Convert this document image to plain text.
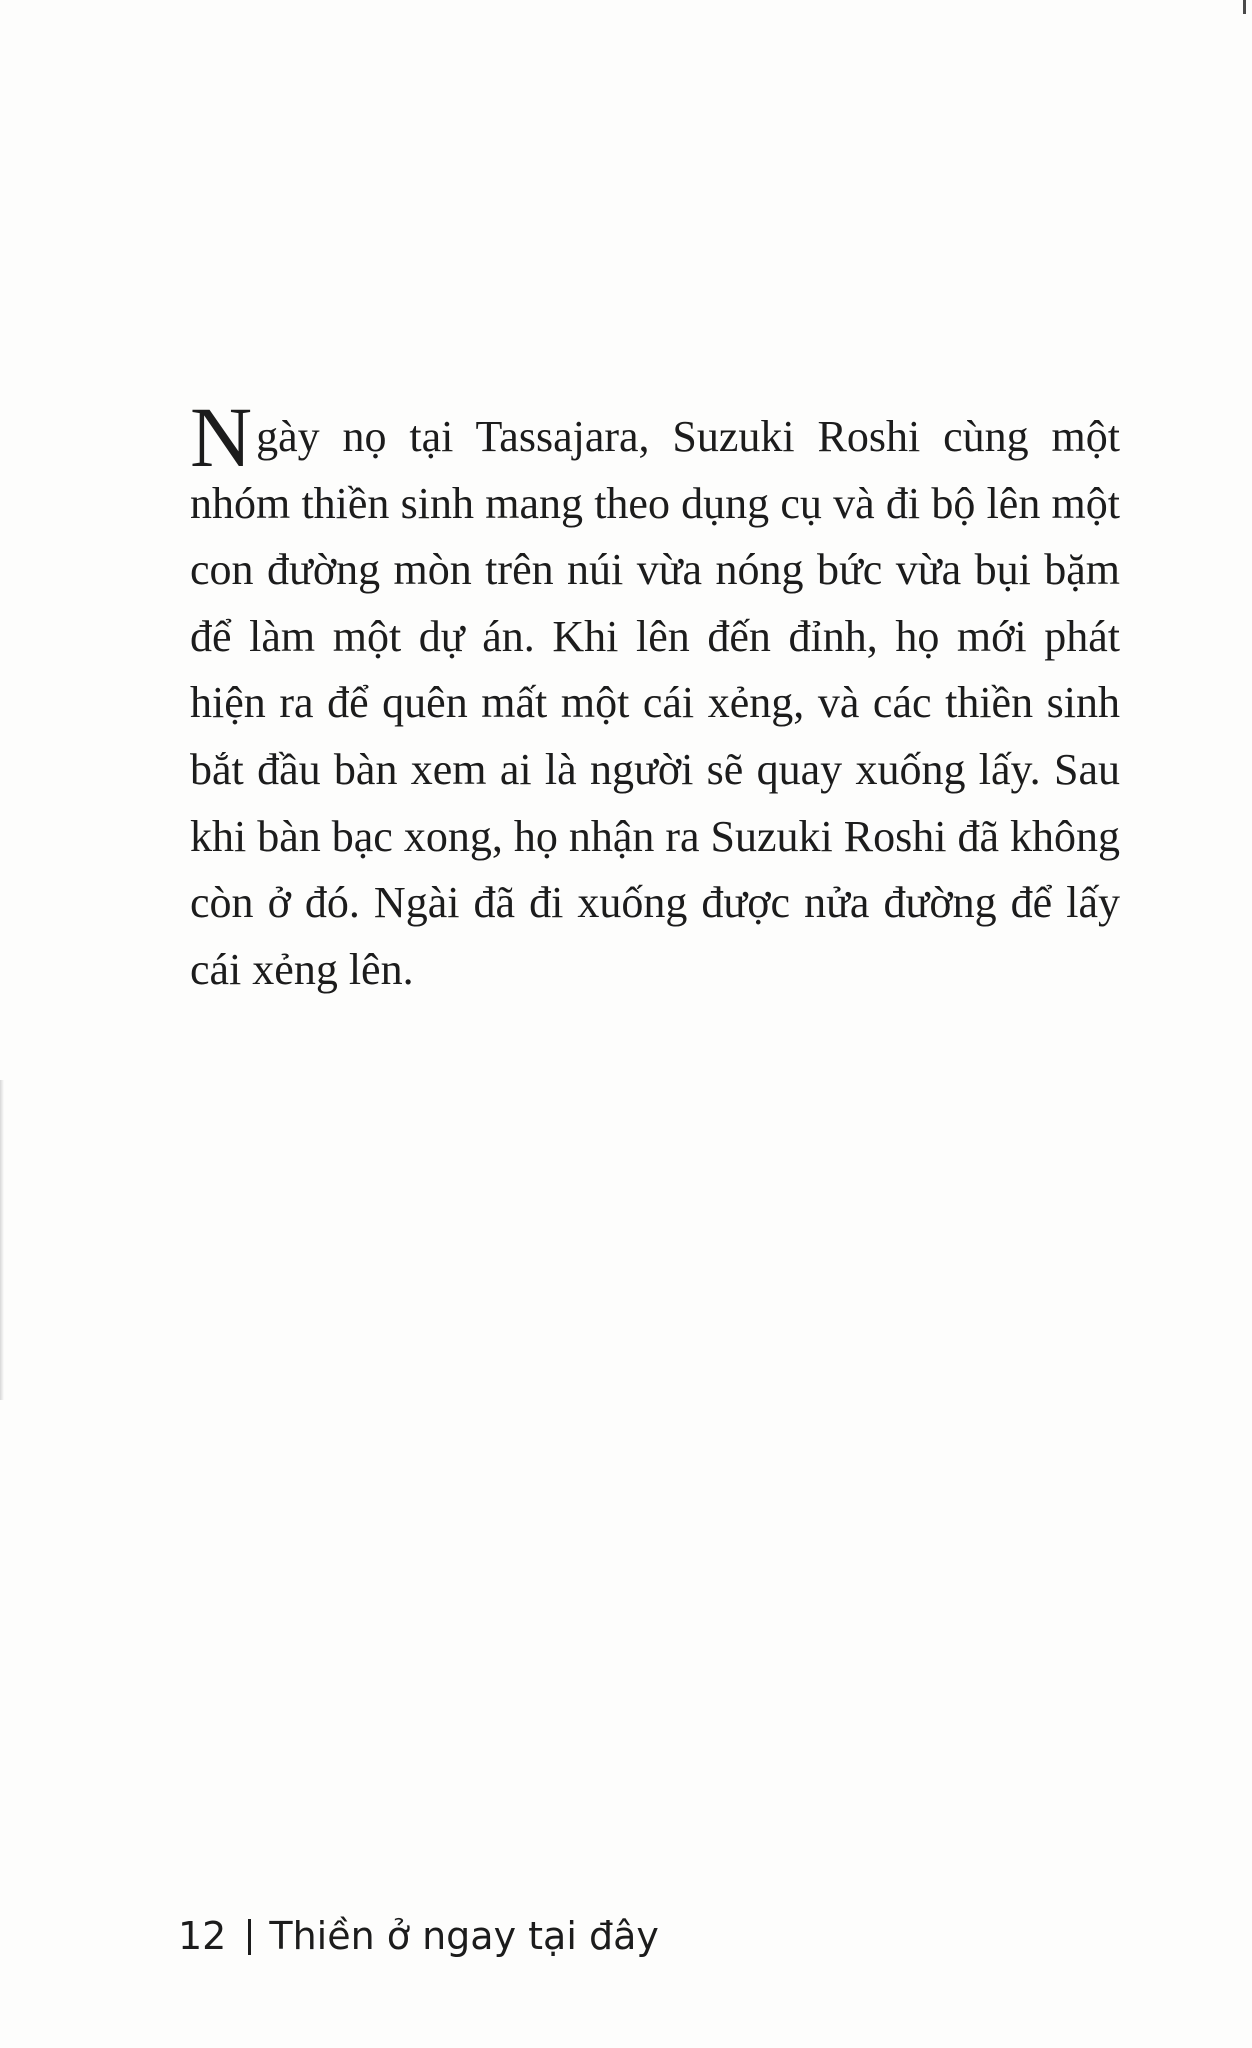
Ngày nọ tại Tassajara, Suzuki Roshi cùng một nhóm thiền sinh mang theo dụng cụ và đi bộ lên một con đường mòn trên núi vừa nóng bức vừa bụi bặm để làm một dự án. Khi lên đến đỉnh, họ mới phát hiện ra để quên mất một cái xẻng, và các thiền sinh bắt đầu bàn xem ai là người sẽ quay xuống lấy. Sau khi bàn bạc xong, họ nhận ra Suzuki Roshi đã không còn ở đó. Ngài đã đi xuống được nửa đường để lấy cái xẻng lên.

12 Thiền ở ngay tại đây
